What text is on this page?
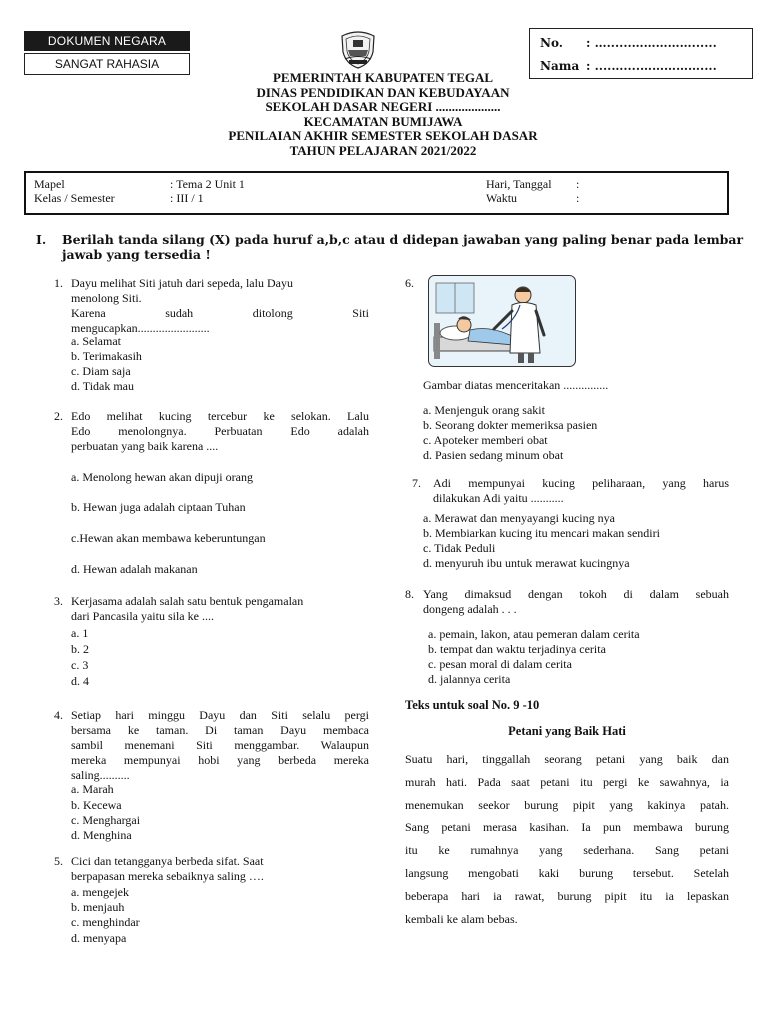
DOKUMEN NEGARA
SANGAT RAHASIA
No. : …......……………......
Nama : ....…....……………....
PEMERINTAH KABUPATEN TEGAL
DINAS PENDIDIKAN DAN KEBUDAYAAN
SEKOLAH DASAR NEGERI ....................
KECAMATAN BUMIJAWA
PENILAIAN AKHIR SEMESTER SEKOLAH DASAR
TAHUN PELAJARAN 2021/2022
Mapel	: Tema 2 Unit 1
Kelas / Semester	: III / 1
Hari, Tanggal :
Waktu	:
I. Berilah tanda silang (X) pada huruf a,b,c atau d didepan jawaban yang paling benar pada lembar
jawab yang tersedia !
1. Dayu melihat Siti jatuh dari sepeda, lalu Dayu
menolong Siti.
Karena	sudah	ditolong	Siti
mengucapkan........................
a. Selamat
b. Terimakasih
c. Diam saja
d. Tidak mau
2. Edo melihat kucing tercebur ke selokan. Lalu
Edo menolongnya. Perbuatan Edo adalah
perbuatan yang baik karena ....
a. Menolong hewan akan dipuji orang
b. Hewan juga adalah ciptaan Tuhan
c.Hewan akan membawa keberuntungan
d. Hewan adalah makanan
3. Kerjasama adalah salah satu bentuk pengamalan
dari Pancasila yaitu sila ke ....
a. 1
b. 2
c. 3
d. 4
4. Setiap hari minggu Dayu dan Siti selalu pergi
bersama ke taman. Di taman Dayu membaca
sambil menemani Siti menggambar. Walaupun
mereka mempunyai hobi yang berbeda mereka
saling..........
a. Marah
b. Kecewa
c. Menghargai
d. Menghina
5. Cici dan tetangganya berbeda sifat. Saat
berpapasan mereka sebaiknya saling ….
a. mengejek
b. menjauh
c. menghindar
d. menyapa
6.
Gambar diatas menceritakan ...............
a. Menjenguk orang sakit
b. Seorang dokter memeriksa pasien
c. Apoteker memberi obat
d. Pasien sedang minum obat
7. Adi mempunyai kucing peliharaan, yang harus
dilakukan Adi yaitu ...........
a. Merawat dan menyayangi kucing nya
b. Membiarkan kucing itu mencari makan sendiri
c. Tidak Peduli
d. menyuruh ibu untuk merawat kucingnya
8. Yang dimaksud dengan tokoh di dalam sebuah
dongeng adalah . . .
a. pemain, lakon, atau pemeran dalam cerita
b. tempat dan waktu terjadinya cerita
c. pesan moral di dalam cerita
d. jalannya cerita
Teks untuk soal No. 9 -10
Petani yang Baik Hati

Suatu hari, tinggallah seorang petani yang baik dan

murah hati. Pada saat petani itu pergi ke sawahnya, ia

menemukan seekor burung pipit yang kakinya patah.

Sang petani merasa kasihan. Ia pun membawa burung

itu ke rumahnya yang sederhana. Sang petani

langsung mengobati kaki burung tersebut. Setelah

beberapa hari ia rawat, burung pipit itu ia lepaskan

kembali ke alam bebas.
